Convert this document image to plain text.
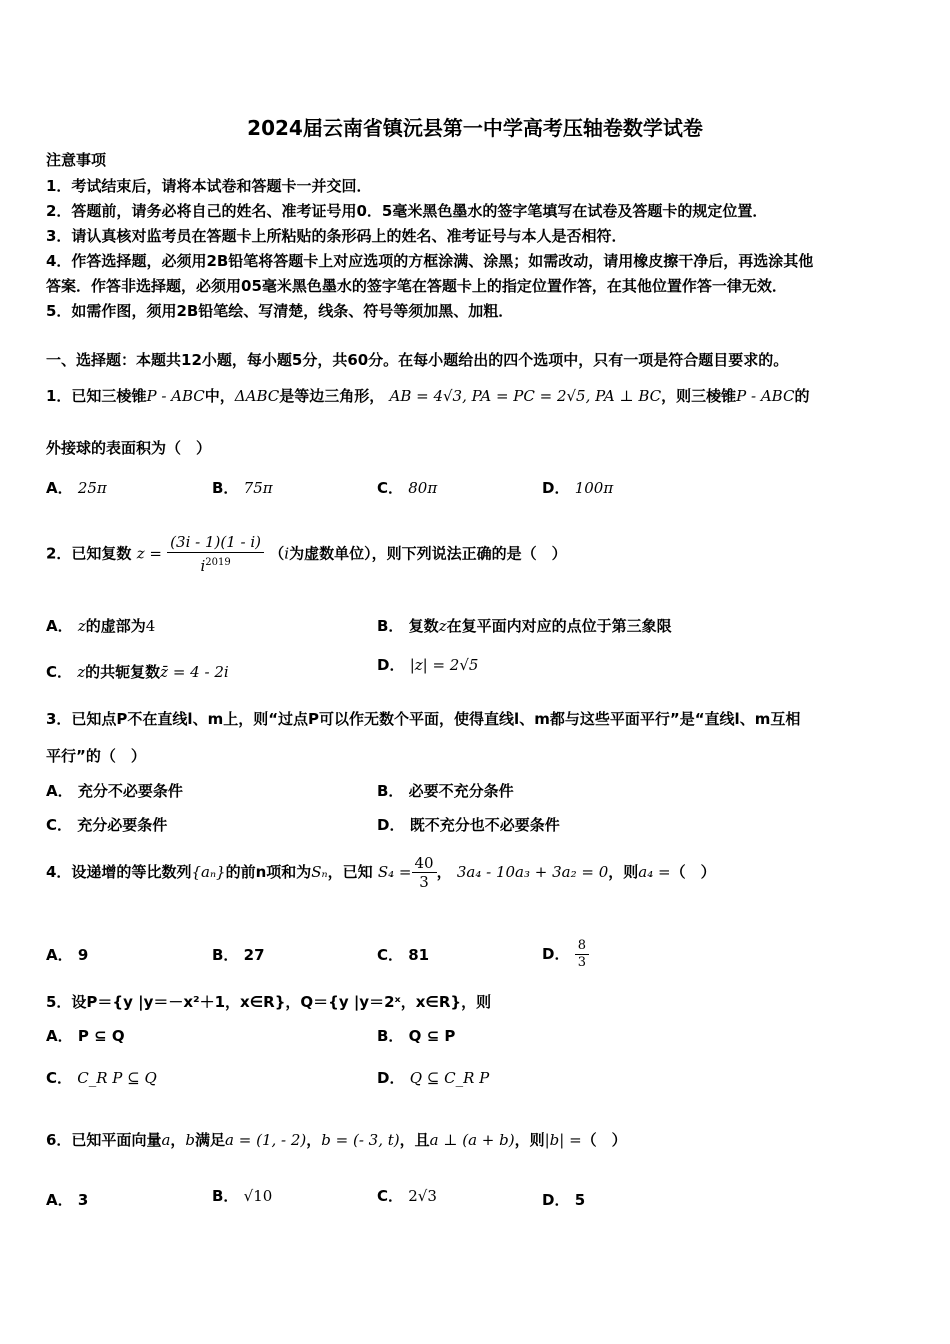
2024届云南省镇沅县第一中学高考压轴卷数学试卷
注意事项
1．考试结束后，请将本试卷和答题卡一并交回．
2．答题前，请务必将自己的姓名、准考证号用0．5毫米黑色墨水的签字笔填写在试卷及答题卡的规定位置．
3．请认真核对监考员在答题卡上所粘贴的条形码上的姓名、准考证号与本人是否相符．
4．作答选择题，必须用2B铅笔将答题卡上对应选项的方框涂满、涂黑；如需改动，请用橡皮擦干净后，再选涂其他
答案．作答非选择题，必须用05毫米黑色墨水的签字笔在答题卡上的指定位置作答，在其他位置作答一律无效．
5．如需作图，须用2B铅笔绘、写清楚，线条、符号等须加黑、加粗．
一、选择题：本题共12小题，每小题5分，共60分。在每小题给出的四个选项中，只有一项是符合题目要求的。
1．已知三棱锥P - ABC中，ΔABC是等边三角形， AB = 4√3, PA = PC = 2√5, PA ⊥ BC，则三棱锥P - ABC的
外接球的表面积为（　）
A． 25π	B． 75π	C． 80π	D． 100π
2．已知复数 $z = \frac{(3i - 1)(1 - i)}{i^{2019}} (i$为虚数单位），则下列说法正确的是（　）
A． z的虚部为4	B． 复数z在复平面内对应的点位于第三象限
C． z的共轭复数z̄ = 4 - 2i	D． |z| = 2√5
3．已知点P不在直线l、m上，则“过点P可以作无数个平面，使得直线l、m都与这些平面平行”是“直线l、m互相
平行”的（　）
A． 充分不必要条件	B． 必要不充分条件
C． 充分必要条件	D． 既不充分也不必要条件
4．设递增的等比数列{aₙ}的前n项和为Sₙ，已知 $S_4 = \frac{40}{3}$ ， 3a₄ - 10a₃ + 3a₂ = 0，则a₄ =（　）
A． 9	B． 27	C． 81	D． $\frac{8}{3}$
5．设P＝{y |y＝－x²＋1，x∈R}，Q＝{y |y＝2ˣ，x∈R}，则
A． P ⊆ Q	B． Q ⊆ P
C． C_R P ⊆ Q	D． Q ⊆ C_R P
6．已知平面向量a，b满足a = (1, - 2)，b = (- 3, t)，且a ⊥ (a + b)，则|b| =（　）
A． 3	B． √10	C． 2√3	D． 5
